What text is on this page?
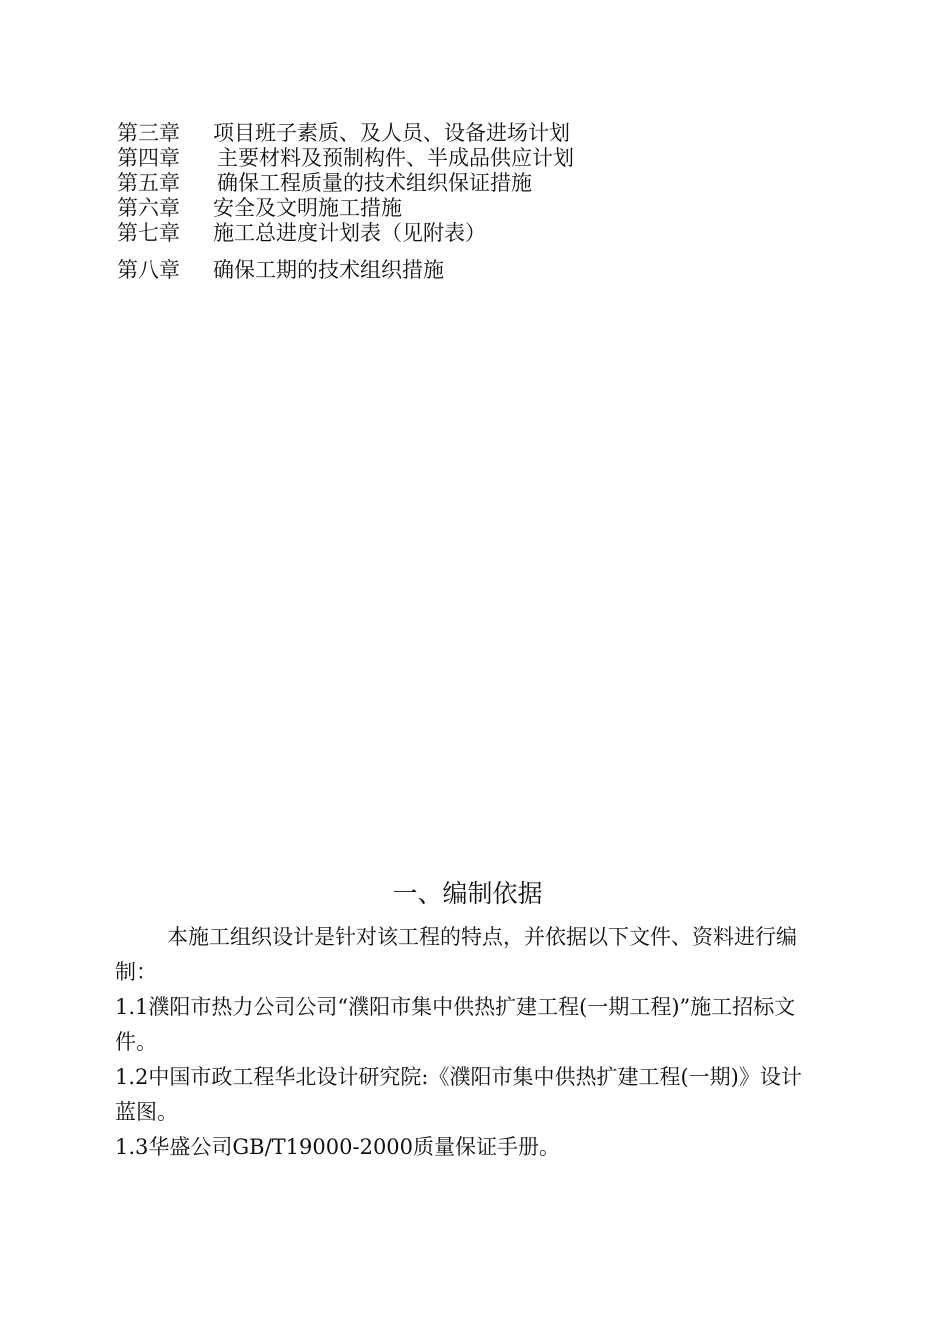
第三章	项目班子素质、及人员、设备进场计划
第四章	主要材料及预制构件、半成品供应计划
第五章	确保工程质量的技术组织保证措施
第六章	安全及文明施工措施
第七章	施工总进度计划表（见附表）
第八章	确保工期的技术组织措施
一、编制依据

本施工组织设计是针对该工程的特点，并依据以下文件、资料进行编制：

1.1濮阳市热力公司公司“濮阳市集中供热扩建工程(一期工程)”施工招标文件。

1.2中国市政工程华北设计研究院:《濮阳市集中供热扩建工程(一期)》设计蓝图。

1.3华盛公司GB/T19000-2000质量保证手册。
